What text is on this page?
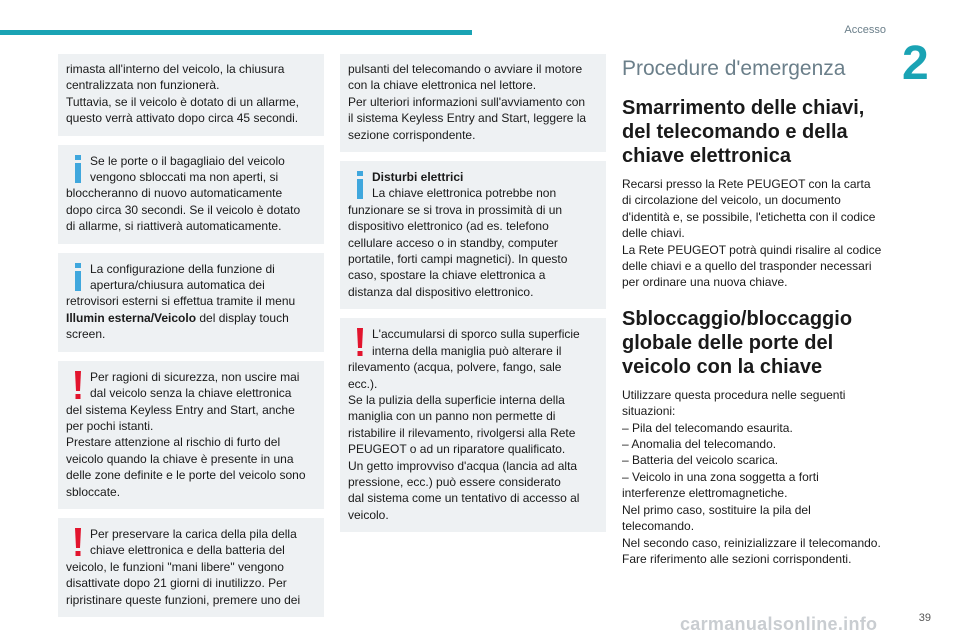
Accesso
2

rimasta all'interno del veicolo, la chiusura

centralizzata non funzionerà.

Tuttavia, se il veicolo è dotato di un allarme,

questo verrà attivato dopo circa 45 secondi.

Se le porte o il bagagliaio del veicolo

vengono sbloccati ma non aperti, si

bloccheranno di nuovo automaticamente

dopo circa 30 secondi. Se il veicolo è dotato

di allarme, si riattiverà automaticamente.

La configurazione della funzione di

apertura/chiusura automatica dei

retrovisori esterni si effettua tramite il menu

Illumin esterna/Veicolo del display touch

screen.

Per ragioni di sicurezza, non uscire mai

dal veicolo senza la chiave elettronica

del sistema Keyless Entry and Start, anche

per pochi istanti.

Prestare attenzione al rischio di furto del

veicolo quando la chiave è presente in una

delle zone definite e le porte del veicolo sono

sbloccate.

Per preservare la carica della pila della

chiave elettronica e della batteria del

veicolo, le funzioni "mani libere" vengono

disattivate dopo 21 giorni di inutilizzo. Per

ripristinare queste funzioni, premere uno dei

pulsanti del telecomando o avviare il motore

con la chiave elettronica nel lettore.

Per ulteriori informazioni sull'avviamento con

il sistema Keyless Entry and Start, leggere la

sezione corrispondente.

Disturbi elettrici

La chiave elettronica potrebbe non

funzionare se si trova in prossimità di un

dispositivo elettronico (ad es. telefono

cellulare acceso o in standby, computer

portatile, forti campi magnetici). In questo

caso, spostare la chiave elettronica a

distanza dal dispositivo elettronico.

L'accumularsi di sporco sulla superficie

interna della maniglia può alterare il

rilevamento (acqua, polvere, fango, sale

ecc.).

Se la pulizia della superficie interna della

maniglia con un panno non permette di

ristabilire il rilevamento, rivolgersi alla Rete

PEUGEOT o ad un riparatore qualificato.

Un getto improvviso d'acqua (lancia ad alta

pressione, ecc.) può essere considerato

dal sistema come un tentativo di accesso al

veicolo.

Procedure d'emergenza
Smarrimento delle chiavi,
del telecomando e della
chiave elettronica

Recarsi presso la Rete PEUGEOT con la carta

di circolazione del veicolo, un documento

d'identità e, se possibile, l'etichetta con il codice

delle chiavi.

La Rete PEUGEOT potrà quindi risalire al codice

delle chiavi e a quello del trasponder necessari

per ordinare una nuova chiave.

Sbloccaggio/bloccaggio
globale delle porte del
veicolo con la chiave

Utilizzare questa procedura nelle seguenti

situazioni:

– Pila del telecomando esaurita.

– Anomalia del telecomando.

– Batteria del veicolo scarica.

– Veicolo in una zona soggetta a forti

interferenze elettromagnetiche.

Nel primo caso, sostituire la pila del

telecomando.

Nel secondo caso, reinizializzare il telecomando.

Fare riferimento alle sezioni corrispondenti.

carmanualsonline.info	39
